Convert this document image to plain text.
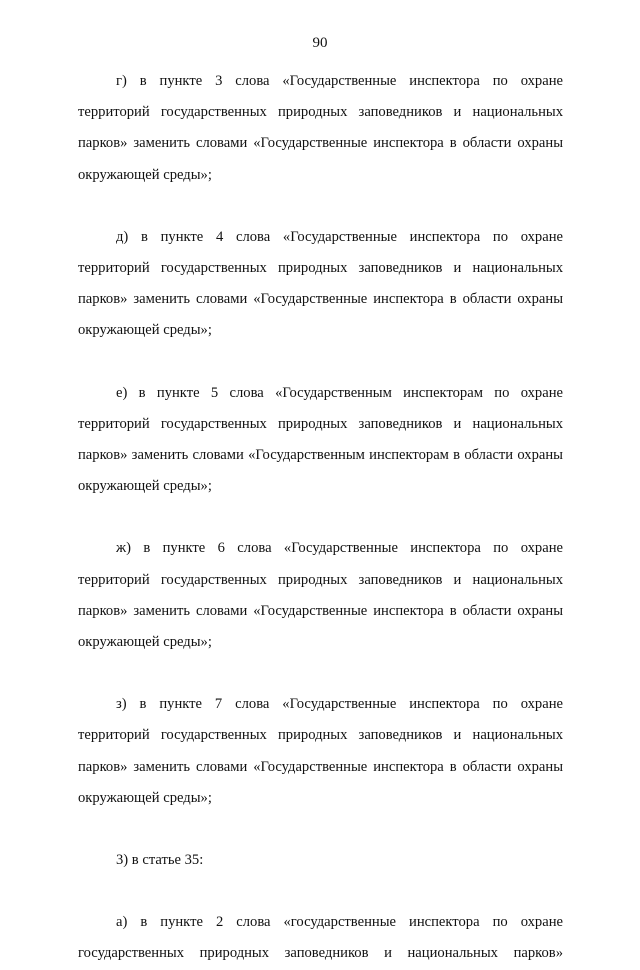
90

г) в пункте 3 слова «Государственные инспектора по охране территорий государственных природных заповедников и национальных парков» заменить словами «Государственные инспектора в области охраны окружающей среды»;

д) в пункте 4 слова «Государственные инспектора по охране территорий государственных природных заповедников и национальных парков» заменить словами «Государственные инспектора в области охраны окружающей среды»;

е) в пункте 5 слова «Государственным инспекторам по охране территорий государственных природных заповедников и национальных парков» заменить словами «Государственным инспекторам в области охраны окружающей среды»;

ж) в пункте 6 слова «Государственные инспектора по охране территорий государственных природных заповедников и национальных парков» заменить словами «Государственные инспектора в области охраны окружающей среды»;

з) в пункте 7 слова «Государственные инспектора по охране территорий государственных природных заповедников и национальных парков» заменить словами «Государственные инспектора в области охраны окружающей среды»;

3) в статье 35:

а) в пункте 2 слова «государственные инспектора по охране государственных природных заповедников и национальных парков»
